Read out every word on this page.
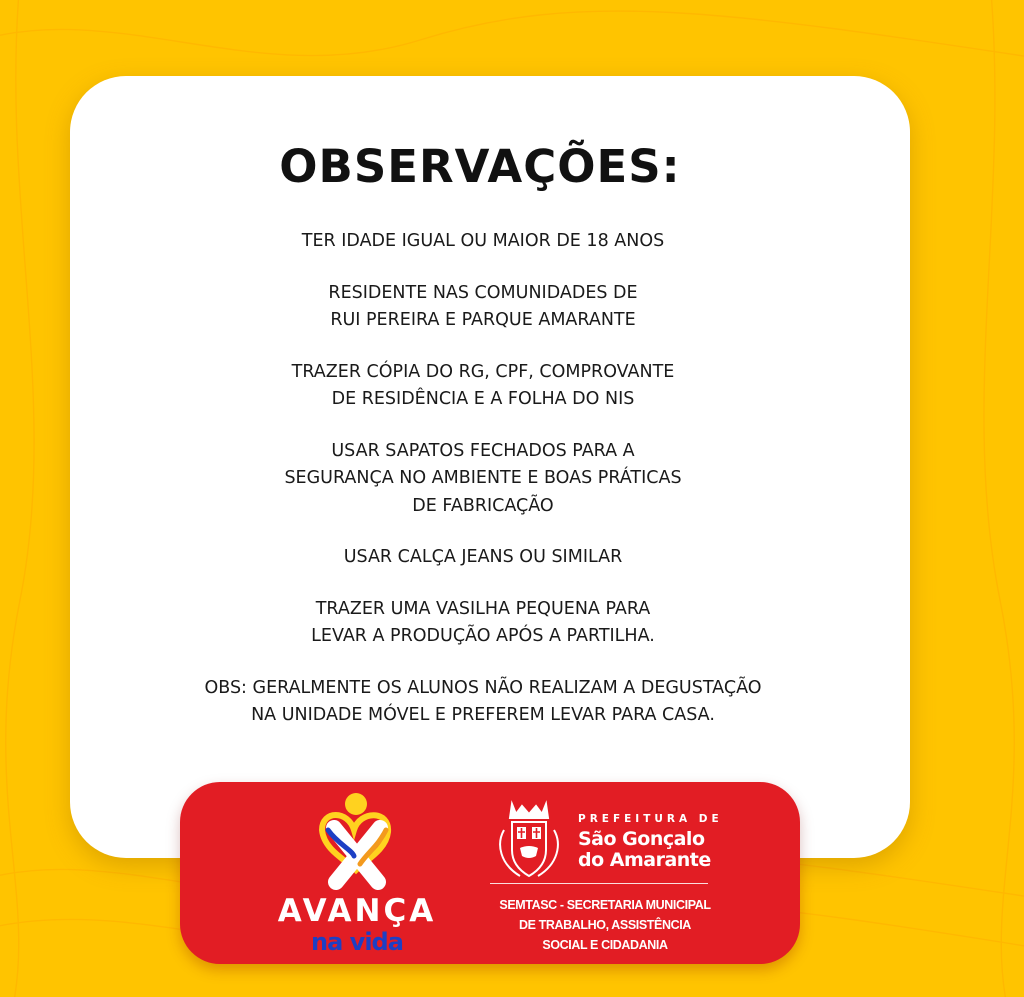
OBSERVAÇÕES:
TER IDADE IGUAL OU MAIOR DE 18 ANOS
RESIDENTE NAS COMUNIDADES DE
RUI PEREIRA E PARQUE AMARANTE
TRAZER CÓPIA DO RG, CPF, COMPROVANTE
DE RESIDÊNCIA E A FOLHA DO NIS
USAR SAPATOS FECHADOS PARA A
SEGURANÇA NO AMBIENTE E BOAS PRÁTICAS
DE FABRICAÇÃO
USAR CALÇA JEANS OU SIMILAR
TRAZER UMA VASILHA PEQUENA PARA
LEVAR A PRODUÇÃO APÓS A PARTILHA.
OBS: GERALMENTE OS ALUNOS NÃO REALIZAM A DEGUSTAÇÃO
NA UNIDADE MÓVEL E PREFEREM LEVAR PARA CASA.
AVANÇA
na vida
PREFEITURA DE
São Gonçalo
do Amarante
SEMTASC - SECRETARIA MUNICIPAL
DE TRABALHO, ASSISTÊNCIA
SOCIAL E CIDADANIA
